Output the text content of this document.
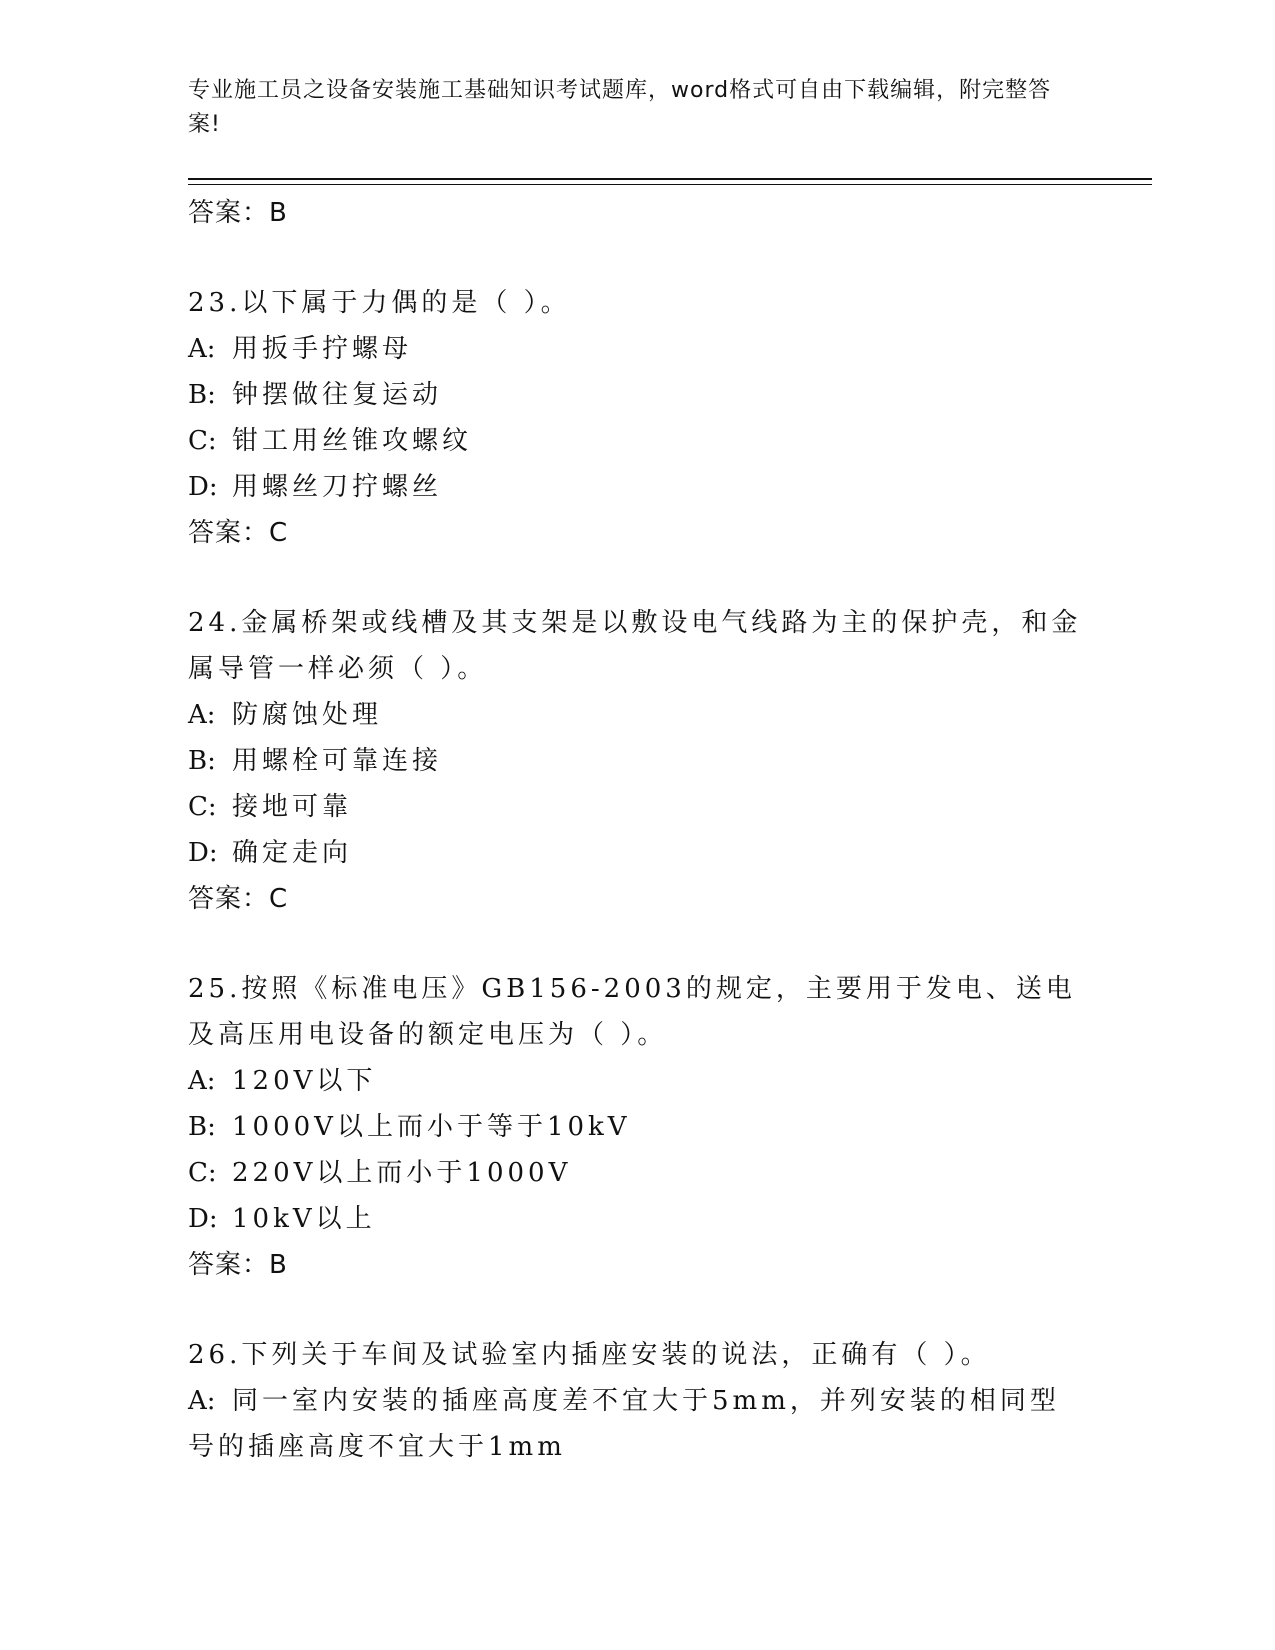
专业施工员之设备安装施工基础知识考试题库，word格式可自由下载编辑，附完整答案!
答案：B
23.以下属于力偶的是（ ）。
A: 用扳手拧螺母
B: 钟摆做往复运动
C: 钳工用丝锥攻螺纹
D: 用螺丝刀拧螺丝
答案：C
24.金属桥架或线槽及其支架是以敷设电气线路为主的保护壳，和金属导管一样必须（ ）。
A: 防腐蚀处理
B: 用螺栓可靠连接
C: 接地可靠
D: 确定走向
答案：C
25.按照《标准电压》GB156-2003的规定，主要用于发电、送电及高压用电设备的额定电压为（ ）。
A: 120V以下
B: 1000V以上而小于等于10kV
C: 220V以上而小于1000V
D: 10kV以上
答案：B
26.下列关于车间及试验室内插座安装的说法，正确有（ ）。
A: 同一室内安装的插座高度差不宜大于5mm，并列安装的相同型号的插座高度不宜大于1mm
